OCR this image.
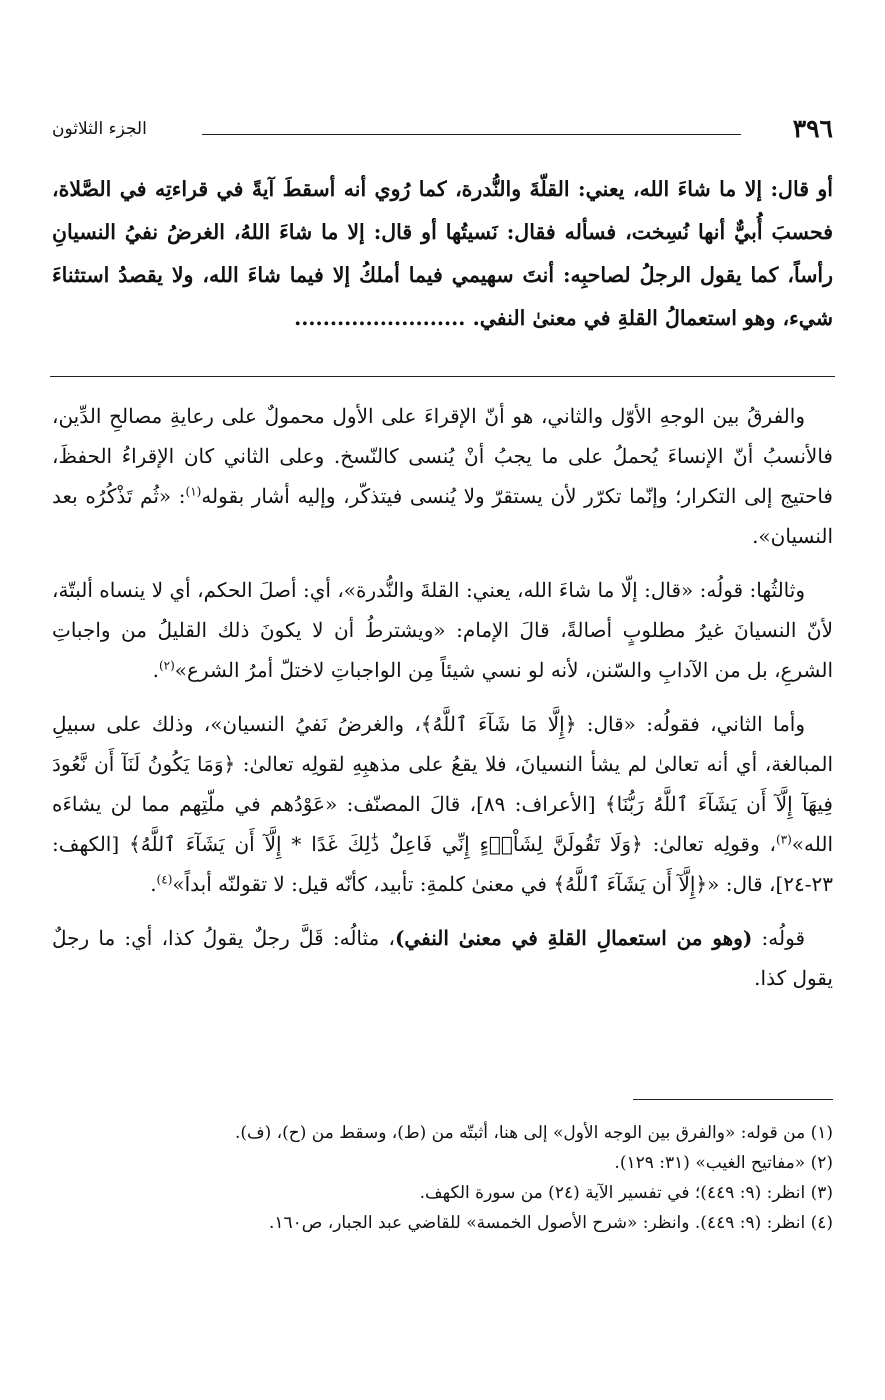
٣٩٦
الجزء الثلاثون
أو قال: إلا ما شاءَ الله، يعني: القلّةَ والنُّدرة، كما رُوي أنه أسقطَ آيةً في قراءتِه في الصَّلاة، فحسبَ أُبيٌّ أنها نُسِخت، فسأله فقال: نَسيتُها أو قال: إلا ما شاءَ اللهُ، الغرضُ نفيُ النسيانِ رأساً، كما يقول الرجلُ لصاحبِه: أنتَ سهيمي فيما أملكُ إلا فيما شاءَ الله، ولا يقصدُ استثناءَ شيء، وهو استعمالُ القلةِ في معنىٰ النفي. ........................

والفرقُ بين الوجهِ الأوّل والثاني، هو أنّ الإقراءَ على الأول محمولٌ على رعايةِ مصالحِ الدِّين، فالأنسبُ أنّ الإنساءَ يُحملُ على ما يجبُ أنْ يُنسى كالنّسخ. وعلى الثاني كان الإقراءُ الحفظَ، فاحتيج إلى التكرار؛ وإنّما تكرّر لأن يستقرّ ولا يُنسى فيتذكّر، وإليه أشار بقوله$^{(١)}$: «ثُم تَذْكُرُه بعد النسيان».

وثالثُها: قولُه: «قال: إلّا ما شاءَ الله، يعني: القلةَ والنُّدرة»، أي: أصلَ الحكم، أي لا ينساه ألبتّة، لأنّ النسيانَ غيرُ مطلوبٍ أصالةً، قالَ الإمام: «ويشترطُ أن لا يكونَ ذلك القليلُ من واجباتِ الشرعِ، بل من الآدابِ والسّنن، لأنه لو نسي شيئاً مِن الواجباتِ لاختلّ أمرُ الشرع»$^{(٢)}$.

وأما الثاني، فقولُه: «قال: ﴿إِلَّا مَا شَآءَ ٱللَّهُ﴾، والغرضُ نَفيُ النسيان»، وذلك على سبيلِ المبالغة، أي أنه تعالىٰ لم يشأ النسيانَ، فلا يقعُ على مذهبِهِ لقولِه تعالىٰ: ﴿وَمَا يَكُونُ لَنَآ أَن نَّعُودَ فِيهَآ إِلَّآ أَن يَشَآءَ ٱللَّهُ رَبُّنَا﴾ [الأعراف: ٨٩]، قالَ المصنّف: «عَوْدُهم في ملّتِهم مما لن يشاءَه الله»$^{(٣)}$، وقولِه تعالىٰ: ﴿وَلَا تَقُولَنَّ لِشَاْىۡءٍ إِنِّي فَاعِلٌ ذَٰلِكَ غَدًا * إِلَّآ أَن يَشَآءَ ٱللَّهُ﴾ [الكهف: ٢٣-٢٤]، قال: «﴿إِلَّآ أَن يَشَآءَ ٱللَّهُ﴾ في معنىٰ كلمةِ: تأبيد، كأنّه قيل: لا تقولنّه أبداً»$^{(٤)}$.

قولُه: (وهو من استعمالِ القلةِ في معنىٰ النفي)، مثالُه: قَلَّ رجلٌ يقولُ كذا، أي: ما رجلٌ يقول كذا.

(١) من قوله: «والفرق بين الوجه الأول» إلى هنا، أثبتّه من (ط)، وسقط من (ح)، (ف).

(٢) «مفاتيح الغيب» (٣١: ١٢٩).

(٣) انظر: (٩: ٤٤٩)؛ في تفسير الآية (٢٤) من سورة الكهف.

(٤) انظر: (٩: ٤٤٩). وانظر: «شرح الأصول الخمسة» للقاضي عبد الجبار، ص١٦٠.
